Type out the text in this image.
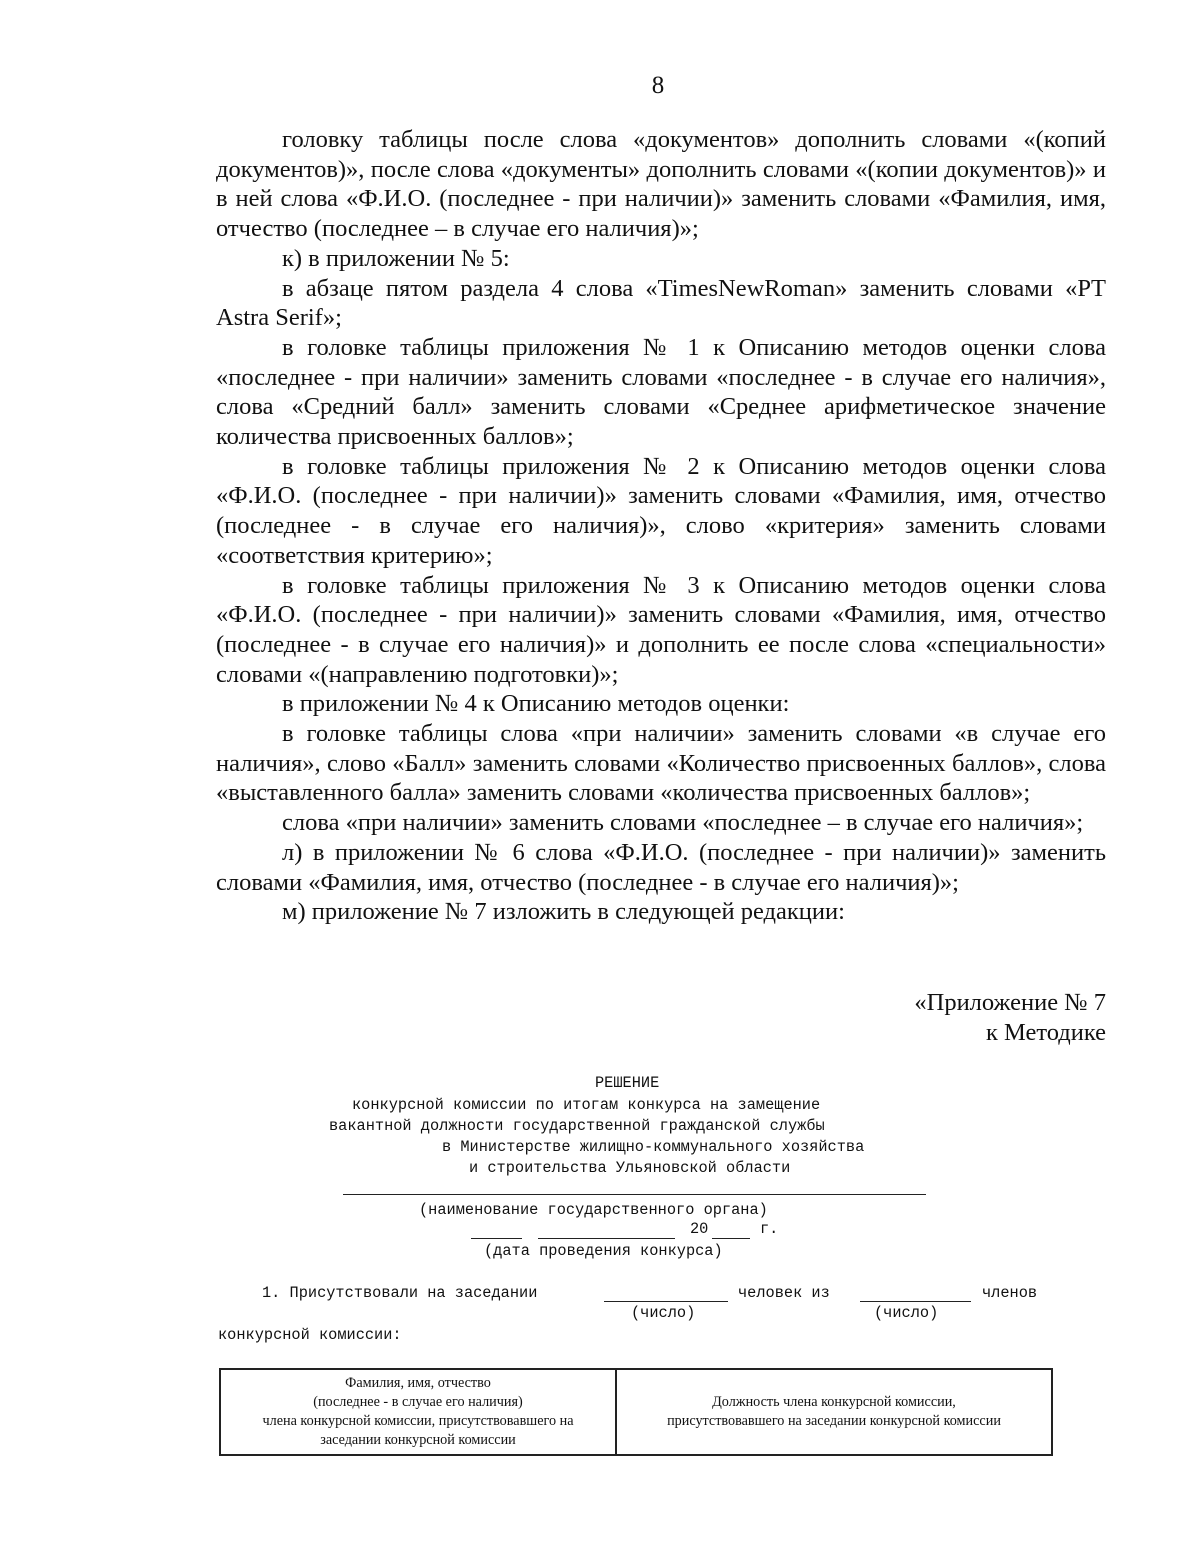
8

головку таблицы после слова «документов» дополнить словами «(копий документов)», после слова «документы» дополнить словами «(копии документов)» и в ней слова «Ф.И.О. (последнее - при наличии)» заменить словами «Фамилия, имя, отчество (последнее – в случае его наличия)»;

к) в приложении № 5:

в абзаце пятом раздела 4 слова «TimesNewRoman» заменить словами «PT Astra Serif»;

в головке таблицы приложения № 1 к Описанию методов оценки слова «последнее - при наличии» заменить словами «последнее - в случае его наличия», слова «Средний балл» заменить словами «Среднее арифметическое значение количества присвоенных баллов»;

в головке таблицы приложения № 2 к Описанию методов оценки слова «Ф.И.О. (последнее - при наличии)» заменить словами «Фамилия, имя, отчество (последнее - в случае его наличия)», слово «критерия» заменить словами «соответствия критерию»;

в головке таблицы приложения № 3 к Описанию методов оценки слова «Ф.И.О. (последнее - при наличии)» заменить словами «Фамилия, имя, отчество (последнее - в случае его наличия)» и дополнить ее после слова «специальности» словами «(направлению подготовки)»;

в приложении № 4 к Описанию методов оценки:

в головке таблицы слова «при наличии» заменить словами «в случае его наличия», слово «Балл» заменить словами «Количество присвоенных баллов», слова «выставленного балла» заменить словами «количества присвоенных баллов»;

слова «при наличии» заменить словами «последнее – в случае его наличия»;

л) в приложении № 6 слова «Ф.И.О. (последнее - при наличии)» заменить словами «Фамилия, имя, отчество (последнее - в случае его наличия)»;

м) приложение № 7 изложить в следующей редакции:

«Приложение № 7
к Методике
РЕШЕНИЕ
конкурсной комиссии по итогам конкурса на замещение
вакантной должности государственной гражданской службы
в Министерстве жилищно-коммунального хозяйства
и строительства Ульяновской области
(наименование государственного органа)
20	г.
(дата проведения конкурса)
1. Присутствовали на заседании	человек из	членов
(число)	(число)
конкурсной комиссии:
Фамилия, имя, отчество
(последнее - в случае его наличия)
члена конкурсной комиссии, присутствовавшего на
заседании конкурсной комиссии

Должность члена конкурсной комиссии,
присутствовавшего на заседании конкурсной комиссии
